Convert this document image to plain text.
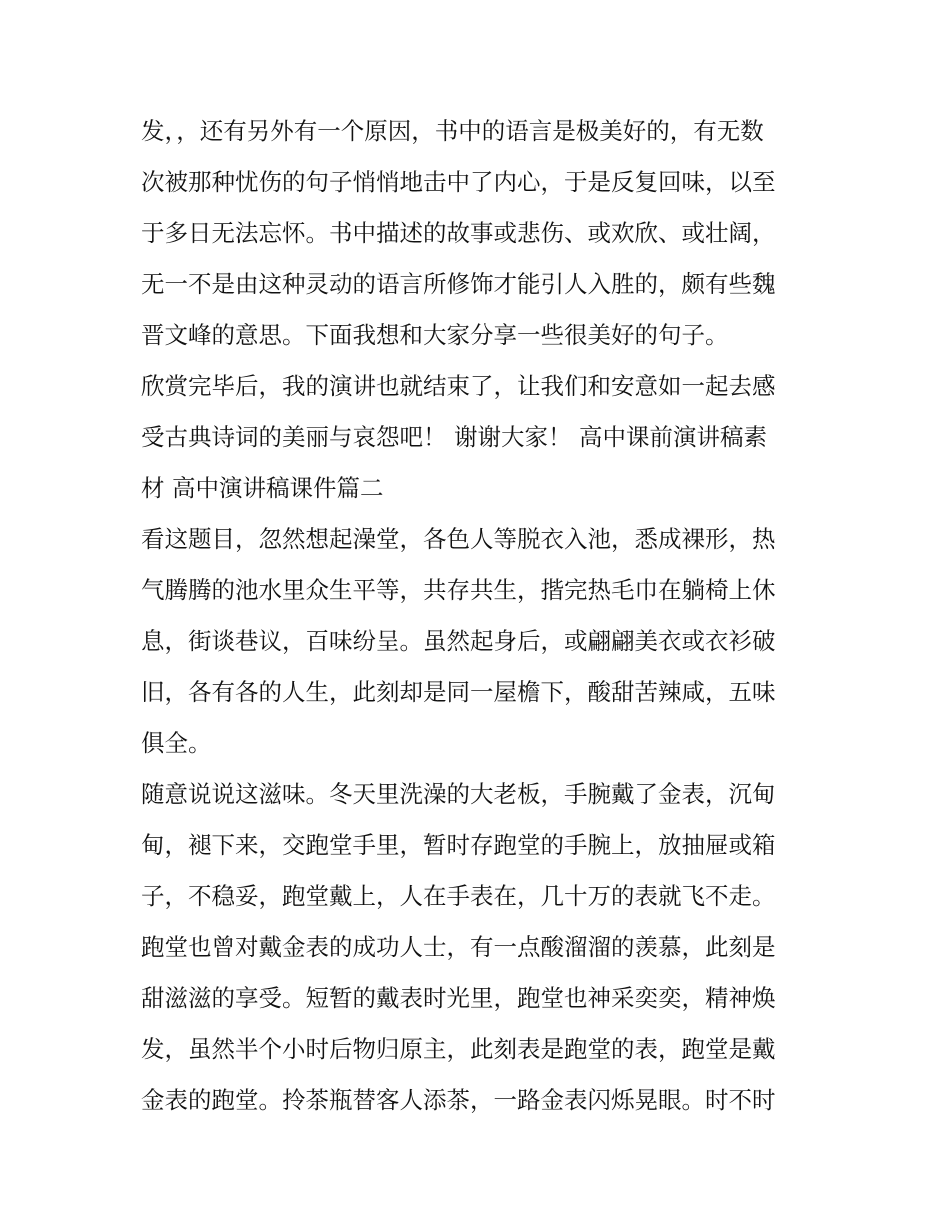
发，，还有另外有一个原因，书中的语言是极美好的，有无数
次被那种忧伤的句子悄悄地击中了内心，于是反复回味，以至
于多日无法忘怀。书中描述的故事或悲伤、或欢欣、或壮阔，
无一不是由这种灵动的语言所修饰才能引人入胜的，颇有些魏
晋文峰的意思。下面我想和大家分享一些很美好的句子。
欣赏完毕后，我的演讲也就结束了，让我们和安意如一起去感
受古典诗词的美丽与哀怨吧！ 谢谢大家！ 高中课前演讲稿素
材 高中演讲稿课件篇二
看这题目，忽然想起澡堂，各色人等脱衣入池，悉成裸形，热
气腾腾的池水里众生平等，共存共生，揩完热毛巾在躺椅上休
息，街谈巷议，百味纷呈。虽然起身后，或翩翩美衣或衣衫破
旧，各有各的人生，此刻却是同一屋檐下，酸甜苦辣咸，五味
俱全。
随意说说这滋味。冬天里洗澡的大老板，手腕戴了金表，沉甸
甸，褪下来，交跑堂手里，暂时存跑堂的手腕上，放抽屉或箱
子，不稳妥，跑堂戴上，人在手表在，几十万的表就飞不走。
跑堂也曾对戴金表的成功人士，有一点酸溜溜的羡慕，此刻是
甜滋滋的享受。短暂的戴表时光里，跑堂也神采奕奕，精神焕
发，虽然半个小时后物归原主，此刻表是跑堂的表，跑堂是戴
金表的跑堂。拎茶瓶替客人添茶，一路金表闪烁晃眼。时不时
